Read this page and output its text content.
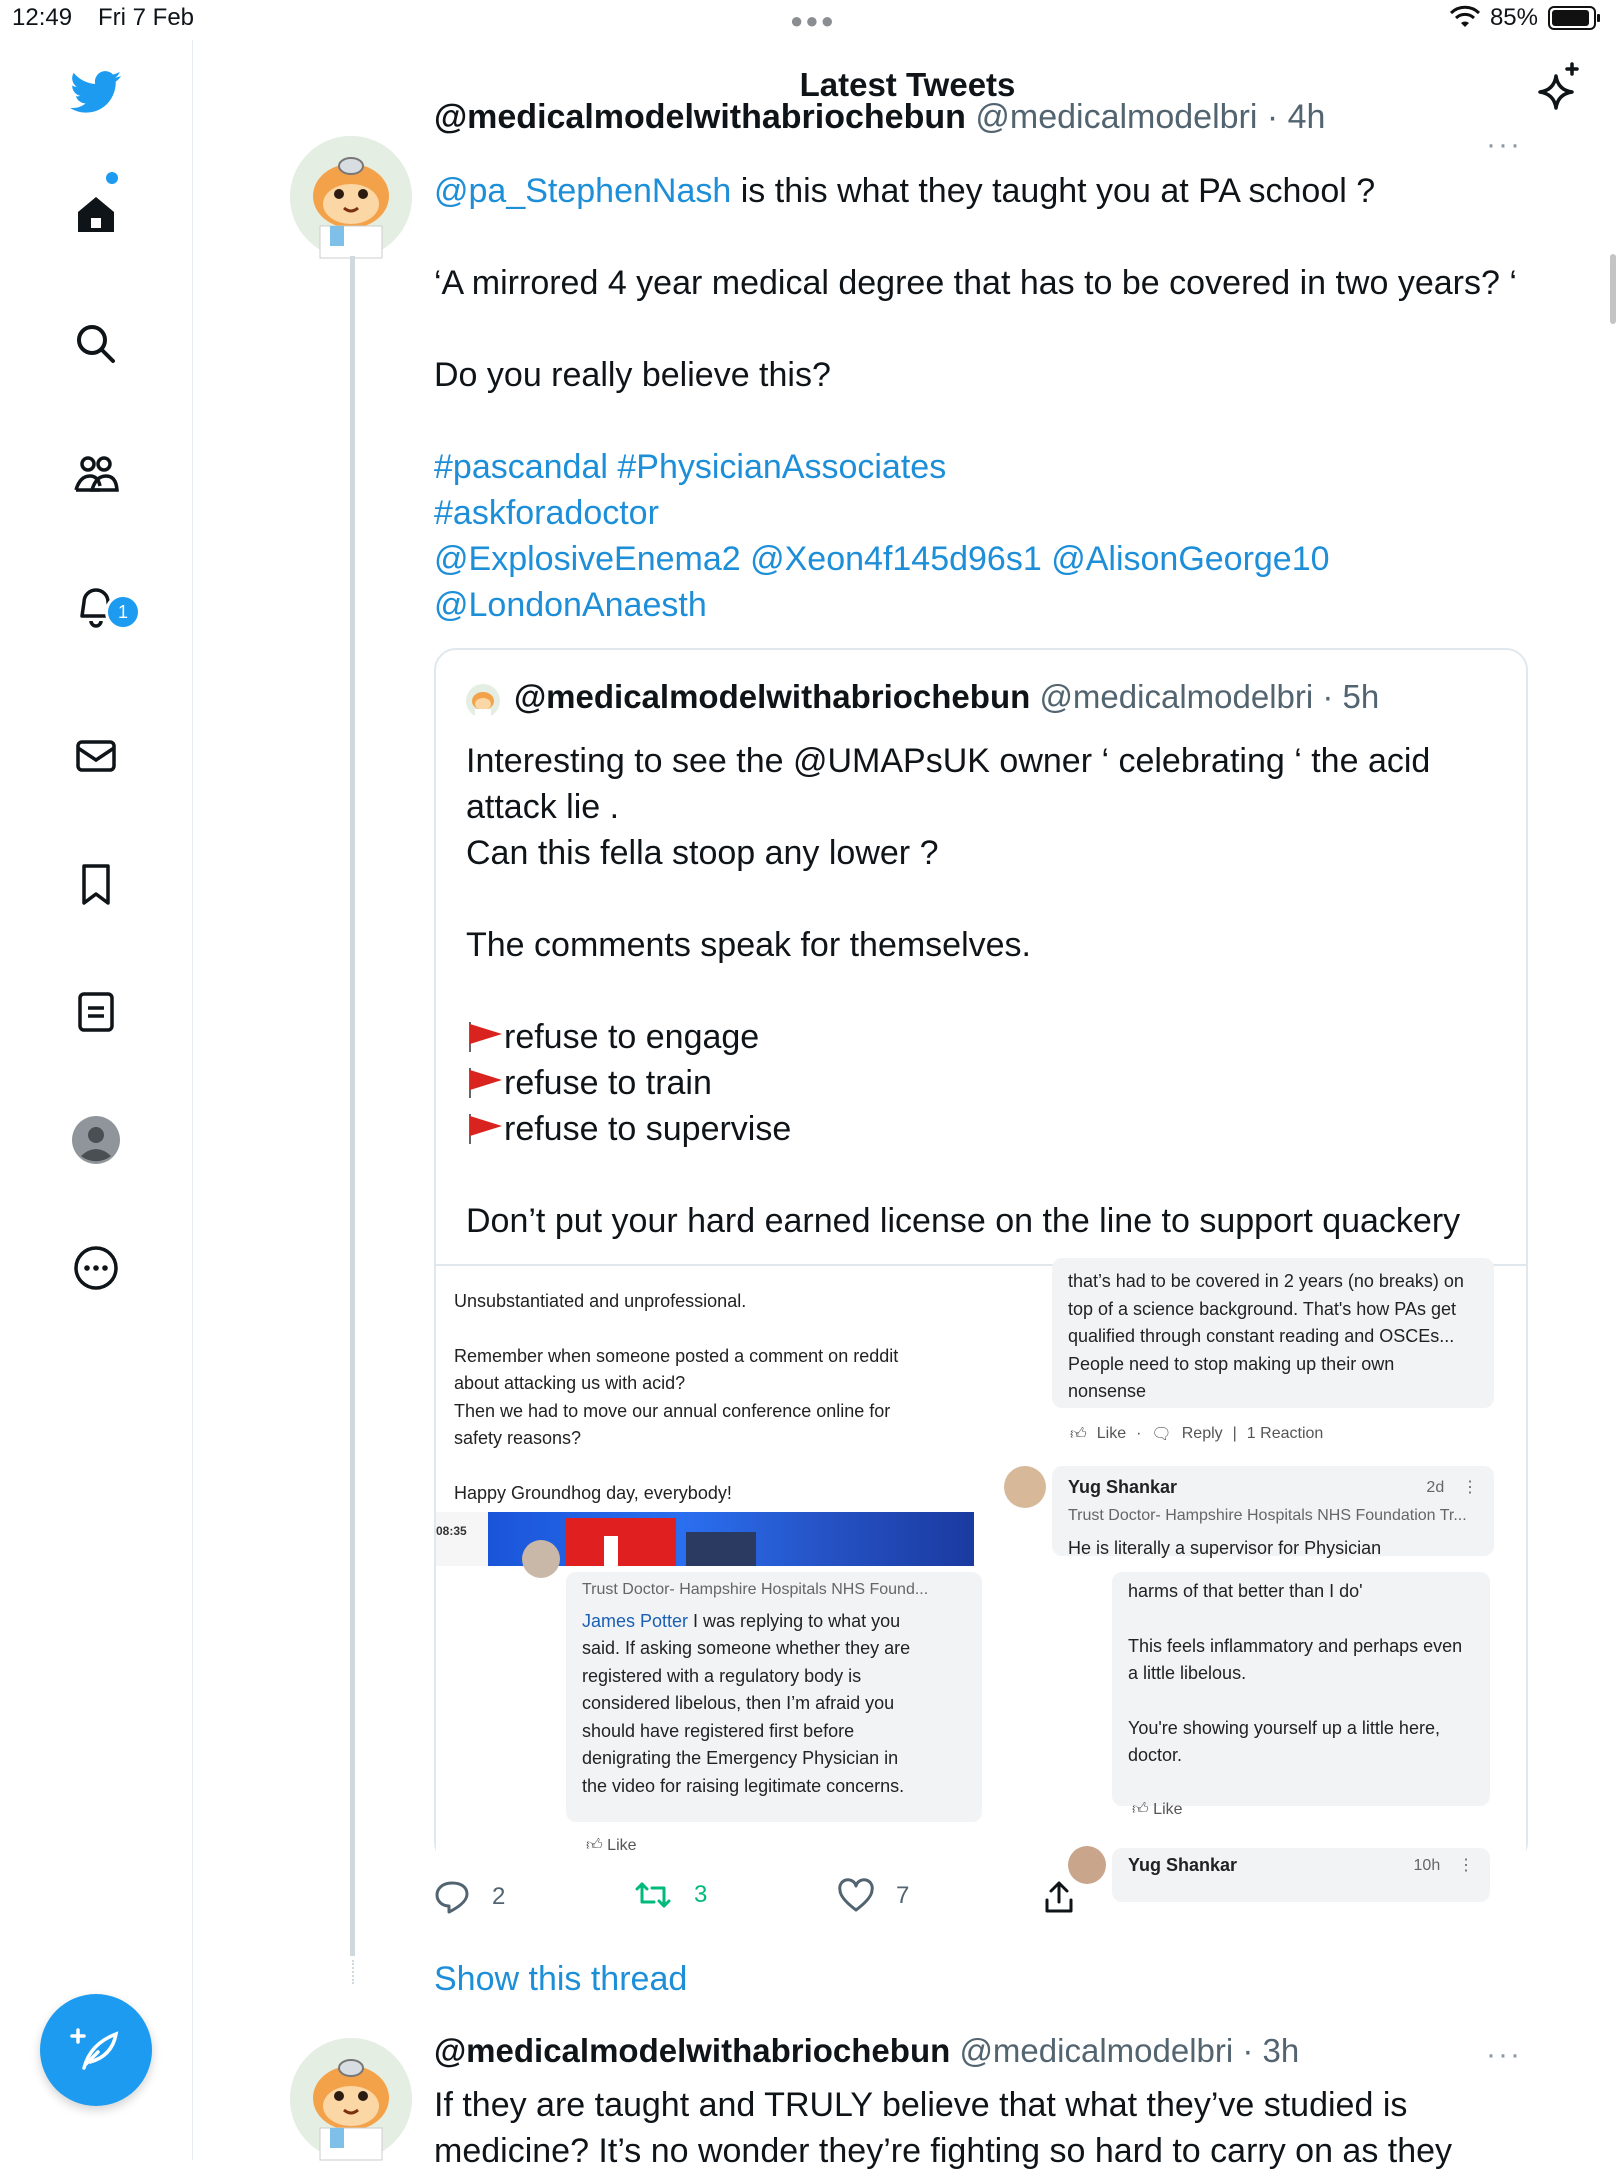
12:49 Fri 7 Feb	●●●	85%
1
Latest Tweets
@medicalmodelwithabriochebun @medicalmodelbri · 4h
···
@pa_StephenNash is this what they taught you at PA school ?
‘A mirrored 4 year medical degree that has to be covered in two years? ‘
Do you really believe this?
#pascandal #PhysicianAssociates
#askforadoctor
@ExplosiveEnema2 @Xeon4f145d96s1 @AlisonGeorge10
@LondonAnaesth
@medicalmodelwithabriochebun @medicalmodelbri · 5h
Interesting to see the @UMAPsUK owner ‘ celebrating ‘ the acid
attack lie .
Can this fella stoop any lower ?
The comments speak for themselves.
refuse to engage
refuse to train
refuse to supervise
Don’t put your hard earned license on the line to support quackery
Unsubstantiated and unprofessional.
Remember when someone posted a comment on reddit
about attacking us with acid?
Then we had to move our annual conference online for
safety reasons?
Happy Groundhog day, everybody!
08:35
that’s had to be covered in 2 years (no breaks) on
top of a science background. That's how PAs get
qualified through constant reading and OSCEs...
People need to stop making up their own
nonsense
👍︎ Like · 🗨︎ Reply | 1 Reaction
Yug Shankar	2d    ⋮
Trust Doctor- Hampshire Hospitals NHS Foundation Tr...
He is literally a supervisor for Physician
Trust Doctor- Hampshire Hospitals NHS Found...
James Potter I was replying to what you
said. If asking someone whether they are
registered with a regulatory body is
considered libelous, then I’m afraid you
should have registered first before
denigrating the Emergency Physician in
the video for raising legitimate concerns.
👍︎ Like
harms of that better than I do'
This feels inflammatory and perhaps even
a little libelous.
You're showing yourself up a little here,
doctor.
👍︎ Like
Yug Shankar	10h    ⋮
2	3	7
Show this thread
@medicalmodelwithabriochebun @medicalmodelbri · 3h	···
If they are taught and TRULY believe that what they’ve studied is
medicine? It’s no wonder they’re fighting so hard to carry on as they
